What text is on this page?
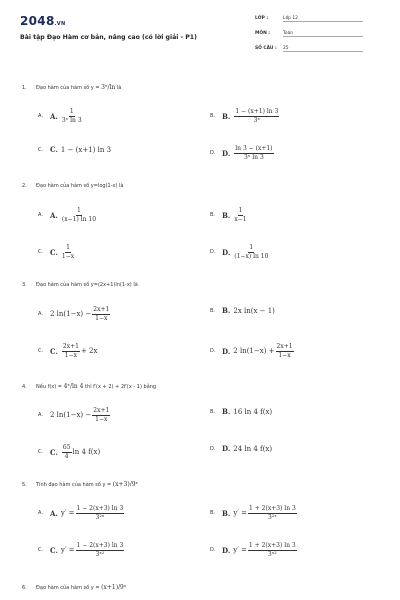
2048.VN
Bài tập Đạo Hàm cơ bản, nâng cao (có lời giải - P1)
LỚP :	Lớp 12
MÔN :	Toán
SỐ CÂU : 25
1. Đạo hàm của hàm số y = 3ˣ/ln là
A.	A. $\frac{1}{\text{3ˣ ln 3}}$	B. B. $\frac{1 - (x+1) \ln 3}{\text{3ˣ}}$
C. C. 1 − (x+1) ln 3	D. D. $\frac{\ln 3 - (x+1)}{\text{3ˣ ln 3}}$
2. Đạo hàm của hàm số y=log(1-x) là
A.	A. $\frac{1}{(x-1) \ln 10}$	B. B. $\frac{1}{x-1}$
C. C. $\frac{1}{1-x}$	D. D. $\frac{1}{(1-x) \ln 10}$
3. Đạo hàm của hàm số y=(2x+1)ln(1-x) là
A.	2 $\ln(1-x) - \frac{2x+1}{1-x}$	B. B. 2x ln(x − 1)
C. C. $\frac{2x+1}{1-x} + 2x$	D. D. 2 $\ln(1-x) + \frac{2x+1}{1-x}$
4. Nếu f(x) = 4ˣ/ln 4 thì f′(x + 2) + 2f′(x - 1) bằng
A.	2 $\ln(1-x) - \frac{2x+1}{1-x}$	B. B. 16 ln 4 f(x)
C. C. $\frac{65}{4}$ ln 4 f(x)	D. D. 24 ln 4 f(x)
5. Tính đạo hàm của hàm số y = (x+3)/9ˣ
A.	A. $y' = \frac{1 - 2(x+3) \ln 3}{\text{3²ˣ}}$	B. B. $y' = \frac{1 + 2(x+3) \ln 3}{\text{3²ˣ}}$
C. C. $y' = \frac{1 - 2(x+3) \ln 3}{\text{3ˣ²}}$	D. D. $y' = \frac{1 + 2(x+3) \ln 3}{\text{3ˣ²}}$
6. Đạo hàm của hàm số y = (x+1)/9ˣ
